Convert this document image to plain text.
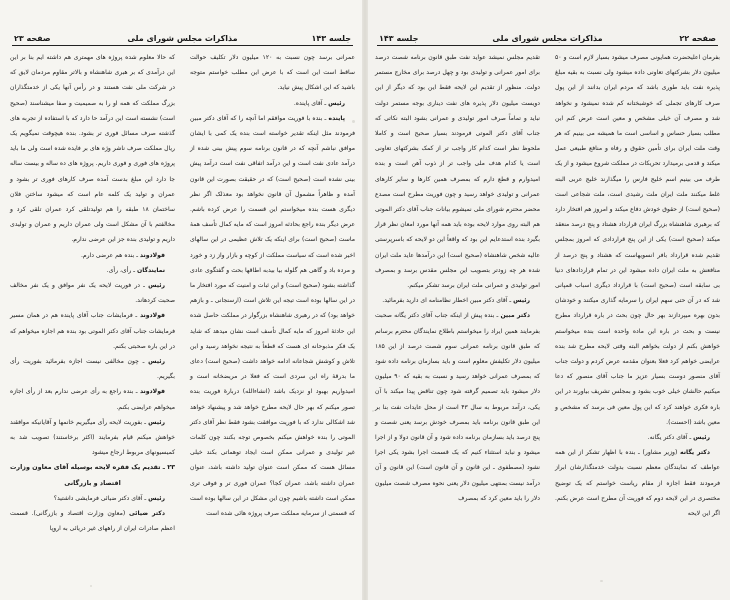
جلسه ۱۴۳
مذاکرات مجلس شورای ملی
صفحه ۲۳

عمرانی برسد چون نسبت به ۱۲۰ میلیون دلار تکلیف حوالت ساقط است این است که با عرض این مطلب خواستم متوجه باشید که این اشکال پیش نیاید.

رئیس ـ آقای پاینده.

پاینده ـ بنده با فوریت موافقم اما آنچه را که آقای دکتر مبین فرمودند مثل اینکه تقدیر خواسته است بنده یک کمی با ایشان موافق نباشم آنچه که در قانون برنامه سوم پیش بینی شده از درآمد عادی نفت است و این درآمد اتفاقی نفت است درآمد پیش بینی نشده است (صحیح است) که در حقیقت بصورت این قانون آمده و ظاهراً مشمول آن قانون نخواهد بود معذلک اگر نظر دیگری هست بنده میخواستم این قسمت را عرض کرده باشم. عرض دیگر بنده راجع بحادثه امروز است که مایه کمال تأسف همهٔ ماست (صحیح است) برای اینکه یک تلاش عظیمی در این سالهای اخیر شده است که سیاست مملکت از کوچه و بازار واز زد و خورد و مرده باد و گاهی هم گلوله بیا بیدبه اطاقها بحث و گفتگوی عادی گذاشته بشود (صحیح است) و این ثبات و امنیت که مورد افتخار ما در این سالها بوده است تیجه این تلاش است (ارسنجانی ـ و بازهم خواهد بود) که در رهبری شاهنشاه بزرگوار در مملکت حاصل شده این حادثهٔ امروز که مایه کمال تأسف است نشان میدهد که شاید یک فکر مذبوحانه ای هست که قطعاً به نتیجه نخواهد رسید و این تلاش و کوشش شجاعانه ادامه خواهد داشت (صحیح است) دعای ما بدرقهٔ راه این سردی است که فعلا در مریضخانه است و امیدواریم بهبود او نزدیک باشد (انشاءالله) دربارهٔ فوریت بنده تصور میکنم که بهر حال لایحه مطرح خواهد شد و پیشنهاد خواهد شد اشکالی ندارد که با فوریت موافقت بشود فقط نظر آقای دکتر الموتی را بنده خواهش میکنم بخصوص توجه بکنند چون کلمات غیر تولیدی و عمرانی ممکن است ایجاد توهماتی بکند خیلی مسائل هست که ممکن است عنوان تولید داشته باشد، عنوان عمران داشته باشد، عمران کجا؟ عمران فوری تر و فوقی تری ممکن است داشته باشیم چون این مشکل در این سالها بوده است که قسمتی از سرمایه مملکت صرف پروژه هائی شده است

که حالا معلوم شده پروژه های مهمتری هم داشته ایم بنا بر این این درآمدی که بر هبری شاهنشاه و بالاتر مقاوم مردمان لایق که در شرکت ملی نفت هستند و در رأس آنها یکی از خدمتگذاران بزرگ مملکت که همه او را به صمیمیت و صفا میشناسند (صحیح است) نشسته است این درآمد حا دارد که با استفاده از تجربه های گذشته صرف مسائل فوری تر بشود. بنده هیچوقت نمیگویم یک ریال مملکت صرف ناشر وژه های بر فایده شده است ولی ما باید پروژه های فوری و فوری داریم. پروژه های ده ساله و بیست ساله جا دارد این مبلغ بدست آمده صرف کارهای فوری تر بشود و عمران و تولید یک کلمه عام است که میشود ساختن فلان ساختمان ۱۸ طبقه را هم تولیدتلقی کرد عمران تلقی کرد و مخالفتم با آن مشکل است ولی عمران داریم و عمران و تولیدی داریم و تولیدی بنده جز این عرضی ندارم.

فولادوند ـ بنده هم عرضی دارم.

نمایندگان ـ رأی، رأی.

رئیس ـ در فوریت لایحه یک نفر موافق و یک نفر مخالف صحبت کردهاند.

فولادوند ـ فرمایشات جناب آقای پاینده هم در همان مسیر فرمایشات جناب آقای دکتر الموتی بود بنده هم اجازه میخواهم که در این باره صحبتی بکنم.

رئیس ـ چون مخالفی نیست اجازه بفرمائید بفوریت رأی بگیریم.

فولادوند ـ بنده راجع به رأی عرضی ندارم بعد از رأی اجازه میخواهم عرایضی بکنم.

رئیس ـ بفوریت لایحه رأی میگیریم خانمها و آقایانیکه موافقند خواهش میکنم قیام بفرمایند (اکثر برخاستند) تصویب شد به کمیسیونهای مربوط ارجاع میشود

۲۳ ـ تقدیم یک فقره لایحه بوسیله آقای معاون وزارت اقتصاد و بازرگانی

رئیس ـ آقای دکتر ضیائی فرمایشی داشتید؟

دکتر ضیائی (معاون وزارت اقتصاد و بازرگانی). قسمت اعظم صادرات ایران از راههای غیر دریائی به اروپا

صفحه ۲۲
مذاکرات مجلس شورای ملی
جلسه ۱۴۳

بفرمان اعلیحضرت همایونی مصرف میشود بسیار لازم است و ۵۰ میلیون دلار بشرکتهای تعاونی داده میشود ولی نسبت به بقیه مبلغ پذیره نفت باید طوری باشد که مردم ایران بدانند از این پول صرف کارهای تجملی که خوشبختانه کم شده نمیشود و نخواهد شد و مصرف آن خیلی مشخص و معین است عرض کنم این مطلب بسیار حساس و اساسی است ما همیشه می بینیم که هر وقت ملت ایران برای تأمین حقوق و رفاه و منافع طبیعی عمل میکند و قدمی برمیدارد تحریکات در مملکت شروع میشود و از یک طرف می بینیم اسم خلیج فارس را میگذارند خلیج عربی البته غلط میکنند ملت ایران ملت رشیدی است، ملت شجاعی است (صحیح است) از حقوق خودش دفاع میکند و امروز هم افتخار دارد که برهبری شاهنشاه بزرگ ایران قرارداد هشتاد و پنج درصد منعقد میکند (صحیح است) یکی از این پنج قراردادی که امروز بمجلس تقدیم شده قرارداد بافر انسویهاست که هشتاد و پنج درصد از منافعش به ملت ایران داده میشود این در تمام قراردادهای دنیا بی سابقه است (صحیح است) با قرارداد دیگری اسباب قمپانی شد که در آن حتی سهم ایران را سرمایه گذاری میکنند و خودشان بدون بهره میپردازند بهر حال چون بحث در باره قرارداد مطرح نیست و بحث در باره این ماده واحده است بنده میخواستم خواهش بکنم از دولت بخواهم البته وقتی لایحه مطرح شد بنده عرایضی خواهم کرد فعلا بعنوان مقدمه عرض کردم و دولت جناب آقای منصور دوست بسیار عزیز ما جناب آقای منصور که دعا میکنیم حالشان خیلی خوب بشود و بمجلس تشریف بیاورند در این باره فکری خواهند کرد که این پول معین فی برسد که مشخص و معین باشد (احسنت).

رئیس ـ آقای دکتر یگانه.

دکتر یگانه (وزیر مشاور) ـ بنده با اظهار تشکر از این همه عواطف که نمایندگان معظم نسبت بدولت خدمتگذارشان ابراز فرمودند فقط اجازه از مقام ریاست خواستم که یک توضیح مختصری در این لایحه دوم که فوریت آن مطرح است عرض بکنم. اگر این لایحه

تقدیم مجلس نمیشد عواید نفت طبق قانون برنامه شصت درصد برای امور عمرانی و تولیدی بود و چهل درصد برای مخارج مستمر دولت. منظور از تقدیم این لایحه فقط این بود که دیگر از این دویست میلیون دلار پذیره های نفت دیناری بوجه مستمر دولت نباید و تماماً صرف امور تولیدی و عمرانی بشود البته نکاتی که جناب آقای دکتر الموتی فرمودند بسیار صحیح است و کاملا ملحوظ نظر است کدام کار واجب تر از کمک بشرکتهای تعاونی است یا کدام هدف ملی واجب تر از ذوب آهن است و بنده امیدوارم و قطع دارم که بمصرف همین کارها و سایر کارهای عمرانی و تولیدی خواهد رسید و چون فوریت مطرح است مصدع محضر محترم شورای ملی نمیشوم بیانات جناب آقای دکتر الموتی هم البته روی موارد لایحه بوده باید همه آنها مورد امعان نظر قرار بگیرد بنده استدعایم این بود که واقعاً این دو لایحه که باسرپرستی عالیه شخص شاهنشاه (صحیح است) این درآمدها عاید ملت ایران شده هر چه زودتر بتصویب این مجلس مقدس برسد و بمصرف امور تولیدی و عمرانی ملت ایران برسد تشکر میکنم.

رئیس ـ آقای دکتر مبین اخطار نظامنامه ای دارید بفرمائید.

دکتر مبین ـ بنده پیش از اینکه جناب آقای دکتر یگانه صحبت بفرمایند همین ایراد را میخواستم باطلاع نمایندگان محترم برسانم که طبق قانون برنامه عمرانی سوم شصت درصد از این ۱۸۵ میلیون دلار تکلیفش معلوم است و باید بسازمان برنامه داده شود که بمصرف عمرانی خواهد رسید و نسبت به بقیه که ۹۰ میلیون دلار میشود باید تصمیم گرفته شود چون تناقض پیدا میکند با آن یکی، درآمد مربوط به سال ۴۳ است از محل عایدات نفت بنا بر این طبق قانون برنامه باید بمصرف خودش برسد یعنی شصت و پنج درصد باید بسازمان برنامه داده شود و آن قانون دولا و از اجرا میشود و نباید استثناء کنیم که یک قسمت اجرا بشود یکی اجرا نشود (مصطفوی ـ این قانون و آن قانون است) این قانون و آن درآمد نیست بمنتهی میلیون دلار یعنی نحوه مصرف شصت میلیون دلار را باید معین کرد که بمصرف
